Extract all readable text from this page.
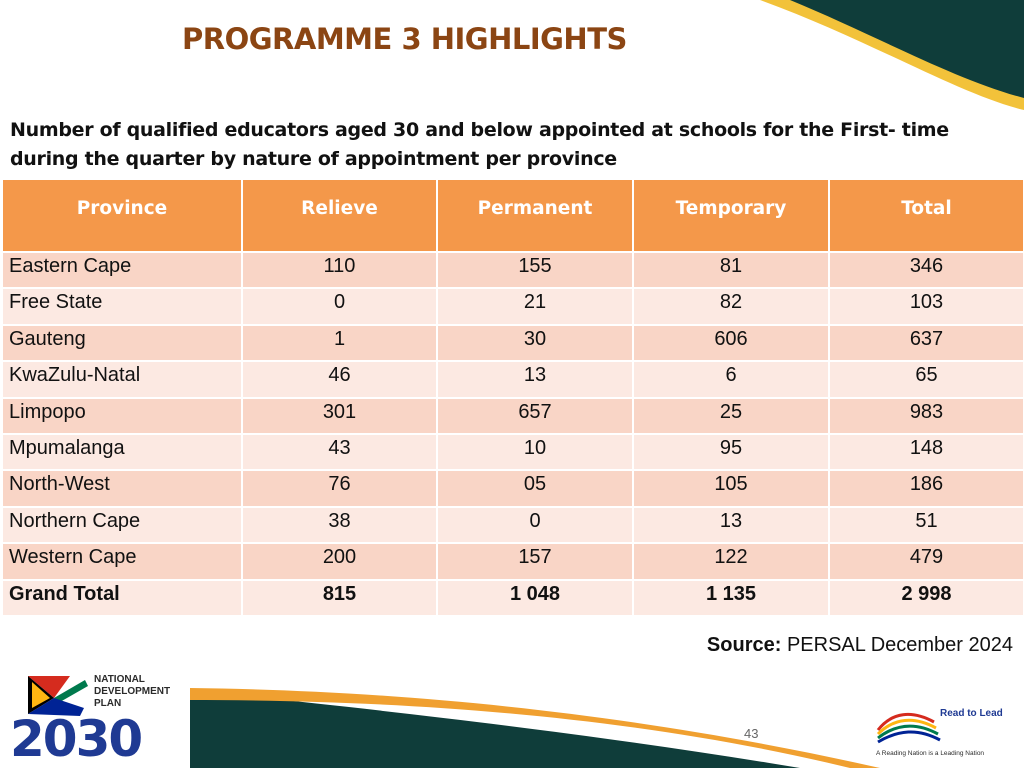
PROGRAMME 3 HIGHLIGHTS
Number of qualified educators aged 30 and below appointed at schools for the First- time during the quarter by nature of appointment per province
Province	Relieve	Permanent	Temporary	Total
Eastern Cape	110	155	81	346
Free State	0	21	82	103
Gauteng	1	30	606	637
KwaZulu-Natal	46	13	6	65
Limpopo	301	657	25	983
Mpumalanga	43	10	95	148
North-West	76	05	105	186
Northern Cape	38	0	13	51
Western Cape	200	157	122	479
Grand Total	815	1 048	1 135	2 998
Source: PERSAL December 2024
NATIONAL
DEVELOPMENT
PLAN
2030	43
Read to Lead
A Reading Nation is a Leading Nation
